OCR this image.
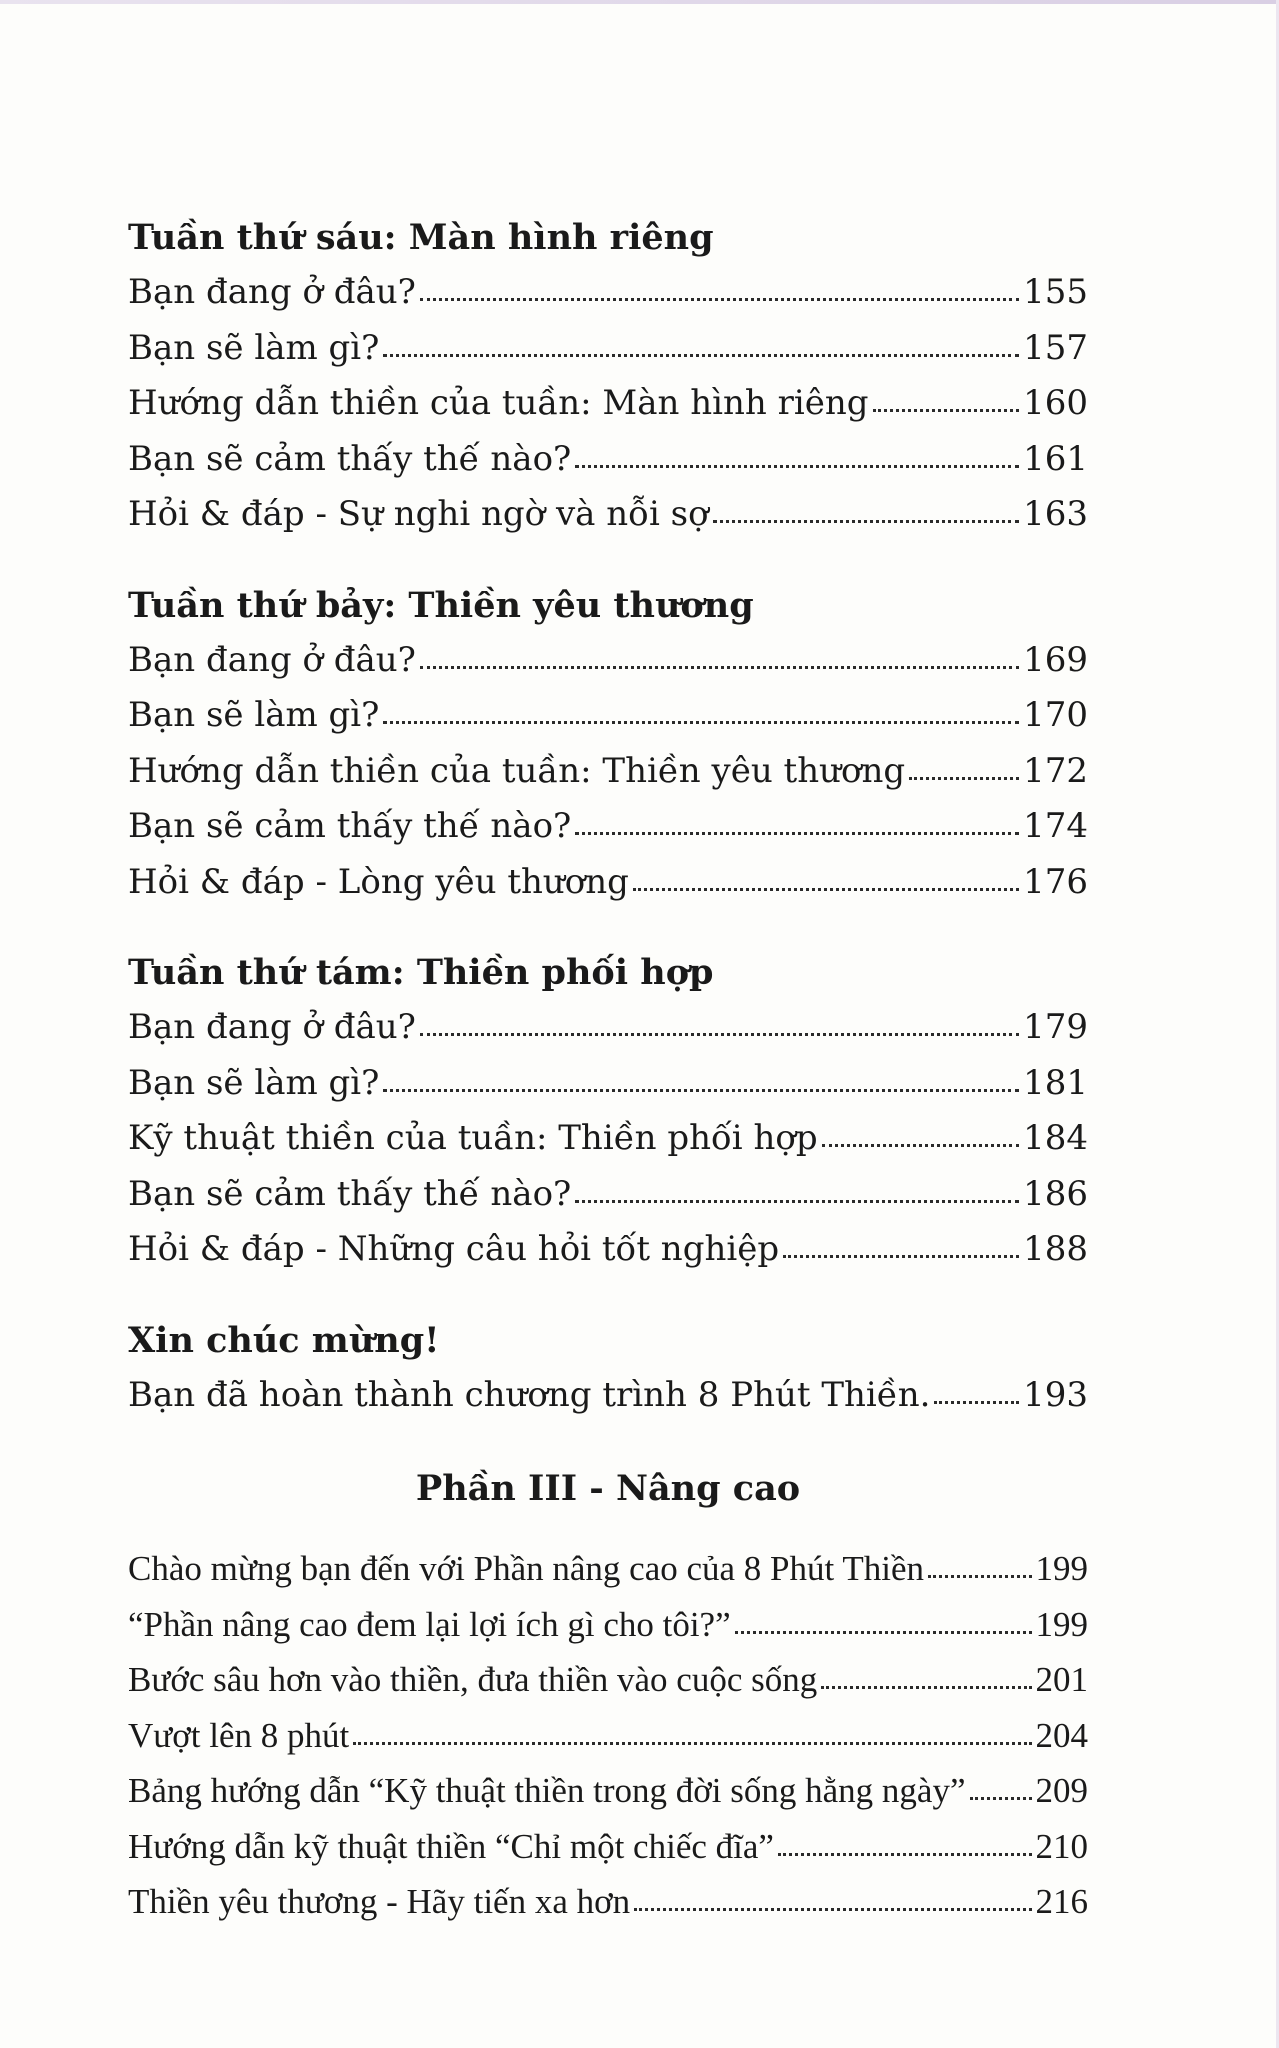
Tuần thứ sáu: Màn hình riêng
Bạn đang ở đâu?	155
Bạn sẽ làm gì?	157
Hướng dẫn thiền của tuần: Màn hình riêng	160
Bạn sẽ cảm thấy thế nào?	161
Hỏi & đáp - Sự nghi ngờ và nỗi sợ	163
Tuần thứ bảy: Thiền yêu thương
Bạn đang ở đâu?	169
Bạn sẽ làm gì?	170
Hướng dẫn thiền của tuần: Thiền yêu thương	172
Bạn sẽ cảm thấy thế nào?	174
Hỏi & đáp - Lòng yêu thương	176
Tuần thứ tám: Thiền phối hợp
Bạn đang ở đâu?	179
Bạn sẽ làm gì?	181
Kỹ thuật thiền của tuần: Thiền phối hợp	184
Bạn sẽ cảm thấy thế nào?	186
Hỏi & đáp - Những câu hỏi tốt nghiệp	188
Xin chúc mừng!
Bạn đã hoàn thành chương trình 8 Phút Thiền.	193
Phần III - Nâng cao
Chào mừng bạn đến với Phần nâng cao của 8 Phút Thiền	199
“Phần nâng cao đem lại lợi ích gì cho tôi?”	199
Bước sâu hơn vào thiền, đưa thiền vào cuộc sống	201
Vượt lên 8 phút	204
Bảng hướng dẫn “Kỹ thuật thiền trong đời sống hằng ngày” 209
Hướng dẫn kỹ thuật thiền “Chỉ một chiếc đĩa”	210
Thiền yêu thương - Hãy tiến xa hơn	216
